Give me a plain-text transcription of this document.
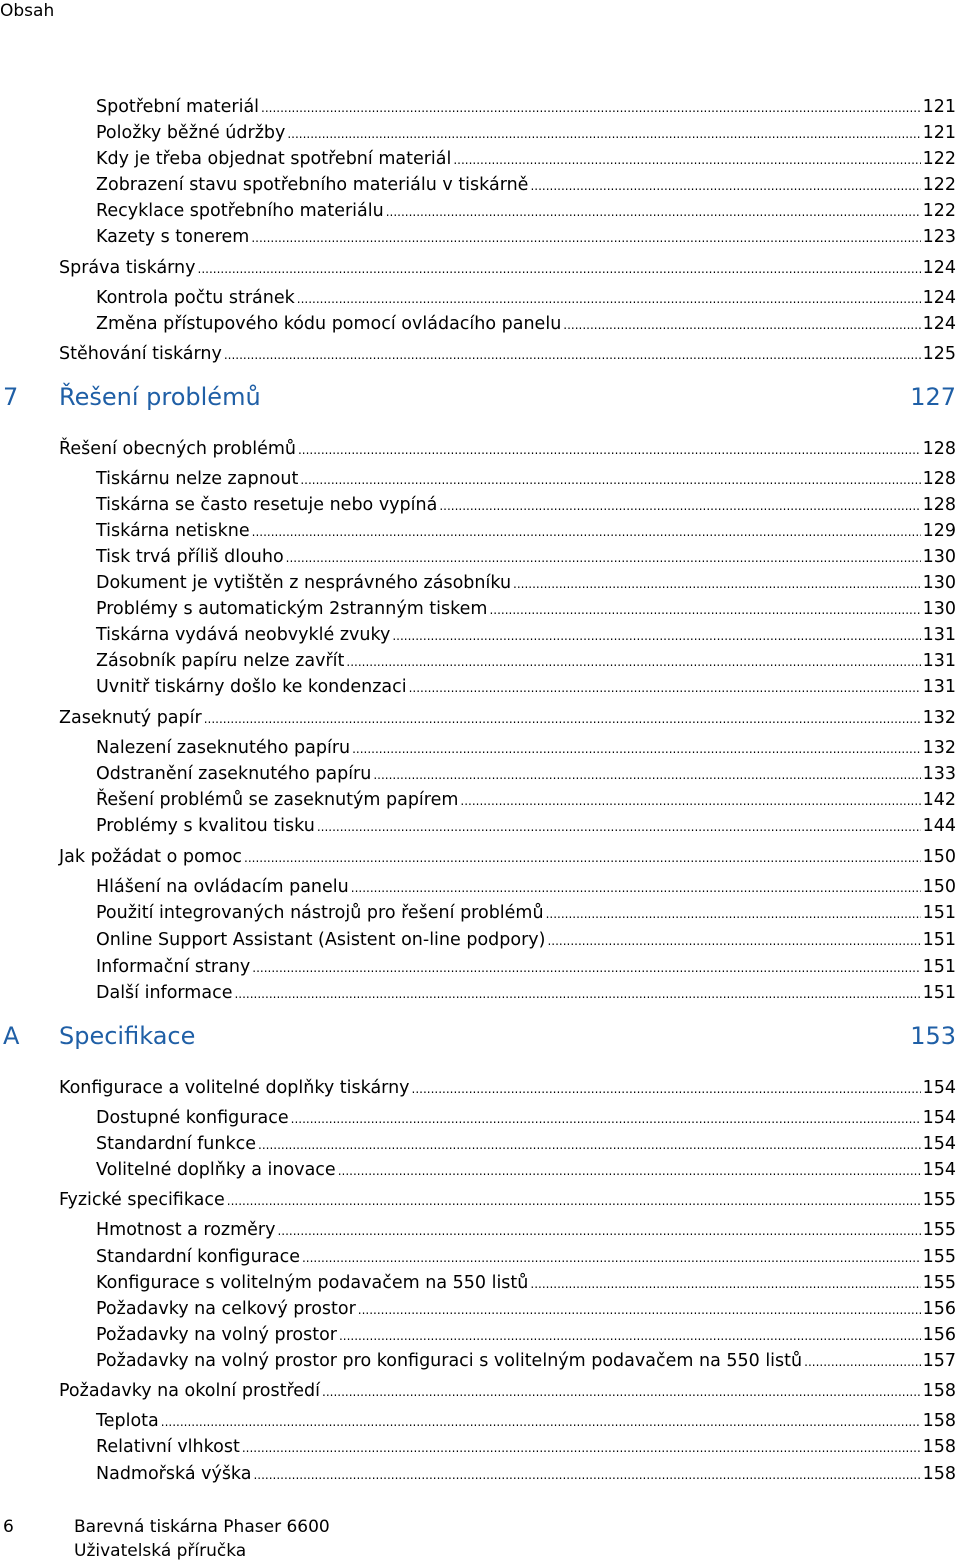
Obsah
Spotřební materiál .....	121
Položky běžné údržby .....	121
Kdy je třeba objednat spotřební materiál .....	122
Zobrazení stavu spotřebního materiálu v tiskárně .....	122
Recyklace spotřebního materiálu .....	122
Kazety s tonerem .....	123
Správa tiskárny .....	124
Kontrola počtu stránek .....	124
Změna přístupového kódu pomocí ovládacího panelu .....	124
Stěhování tiskárny .....	125
7 Řešení problémů	127
Řešení obecných problémů .....	128
Tiskárnu nelze zapnout .....	128
Tiskárna se často resetuje nebo vypíná .....	128
Tiskárna netiskne .....	129
Tisk trvá příliš dlouho .....	130
Dokument je vytištěn z nesprávného zásobníku .....	130
Problémy s automatickým 2stranným tiskem .....	130
Tiskárna vydává neobvyklé zvuky .....	131
Zásobník papíru nelze zavřít .....	131
Uvnitř tiskárny došlo ke kondenzaci .....	131
Zaseknutý papír .....	132
Nalezení zaseknutého papíru .....	132
Odstranění zaseknutého papíru .....	133
Řešení problémů se zaseknutým papírem .....	142
Problémy s kvalitou tisku .....	144
Jak požádat o pomoc .....	150
Hlášení na ovládacím panelu .....	150
Použití integrovaných nástrojů pro řešení problémů .....	151
Online Support Assistant (Asistent on-line podpory) .....	151
Informační strany .....	151
Další informace .....	151
A Specifikace	153
Konfigurace a volitelné doplňky tiskárny .....	154
Dostupné konfigurace .....	154
Standardní funkce .....	154
Volitelné doplňky a inovace .....	154
Fyzické specifikace .....	155
Hmotnost a rozměry .....	155
Standardní konfigurace .....	155
Konfigurace s volitelným podavačem na 550 listů .....	155
Požadavky na celkový prostor .....	156
Požadavky na volný prostor .....	156
Požadavky na volný prostor pro konfiguraci s volitelným podavačem na 550 listů .....	157
Požadavky na okolní prostředí .....	158
Teplota .....	158
Relativní vlhkost .....	158
Nadmořská výška .....	158
6	Barevná tiskárna Phaser 6600
Uživatelská příručka
